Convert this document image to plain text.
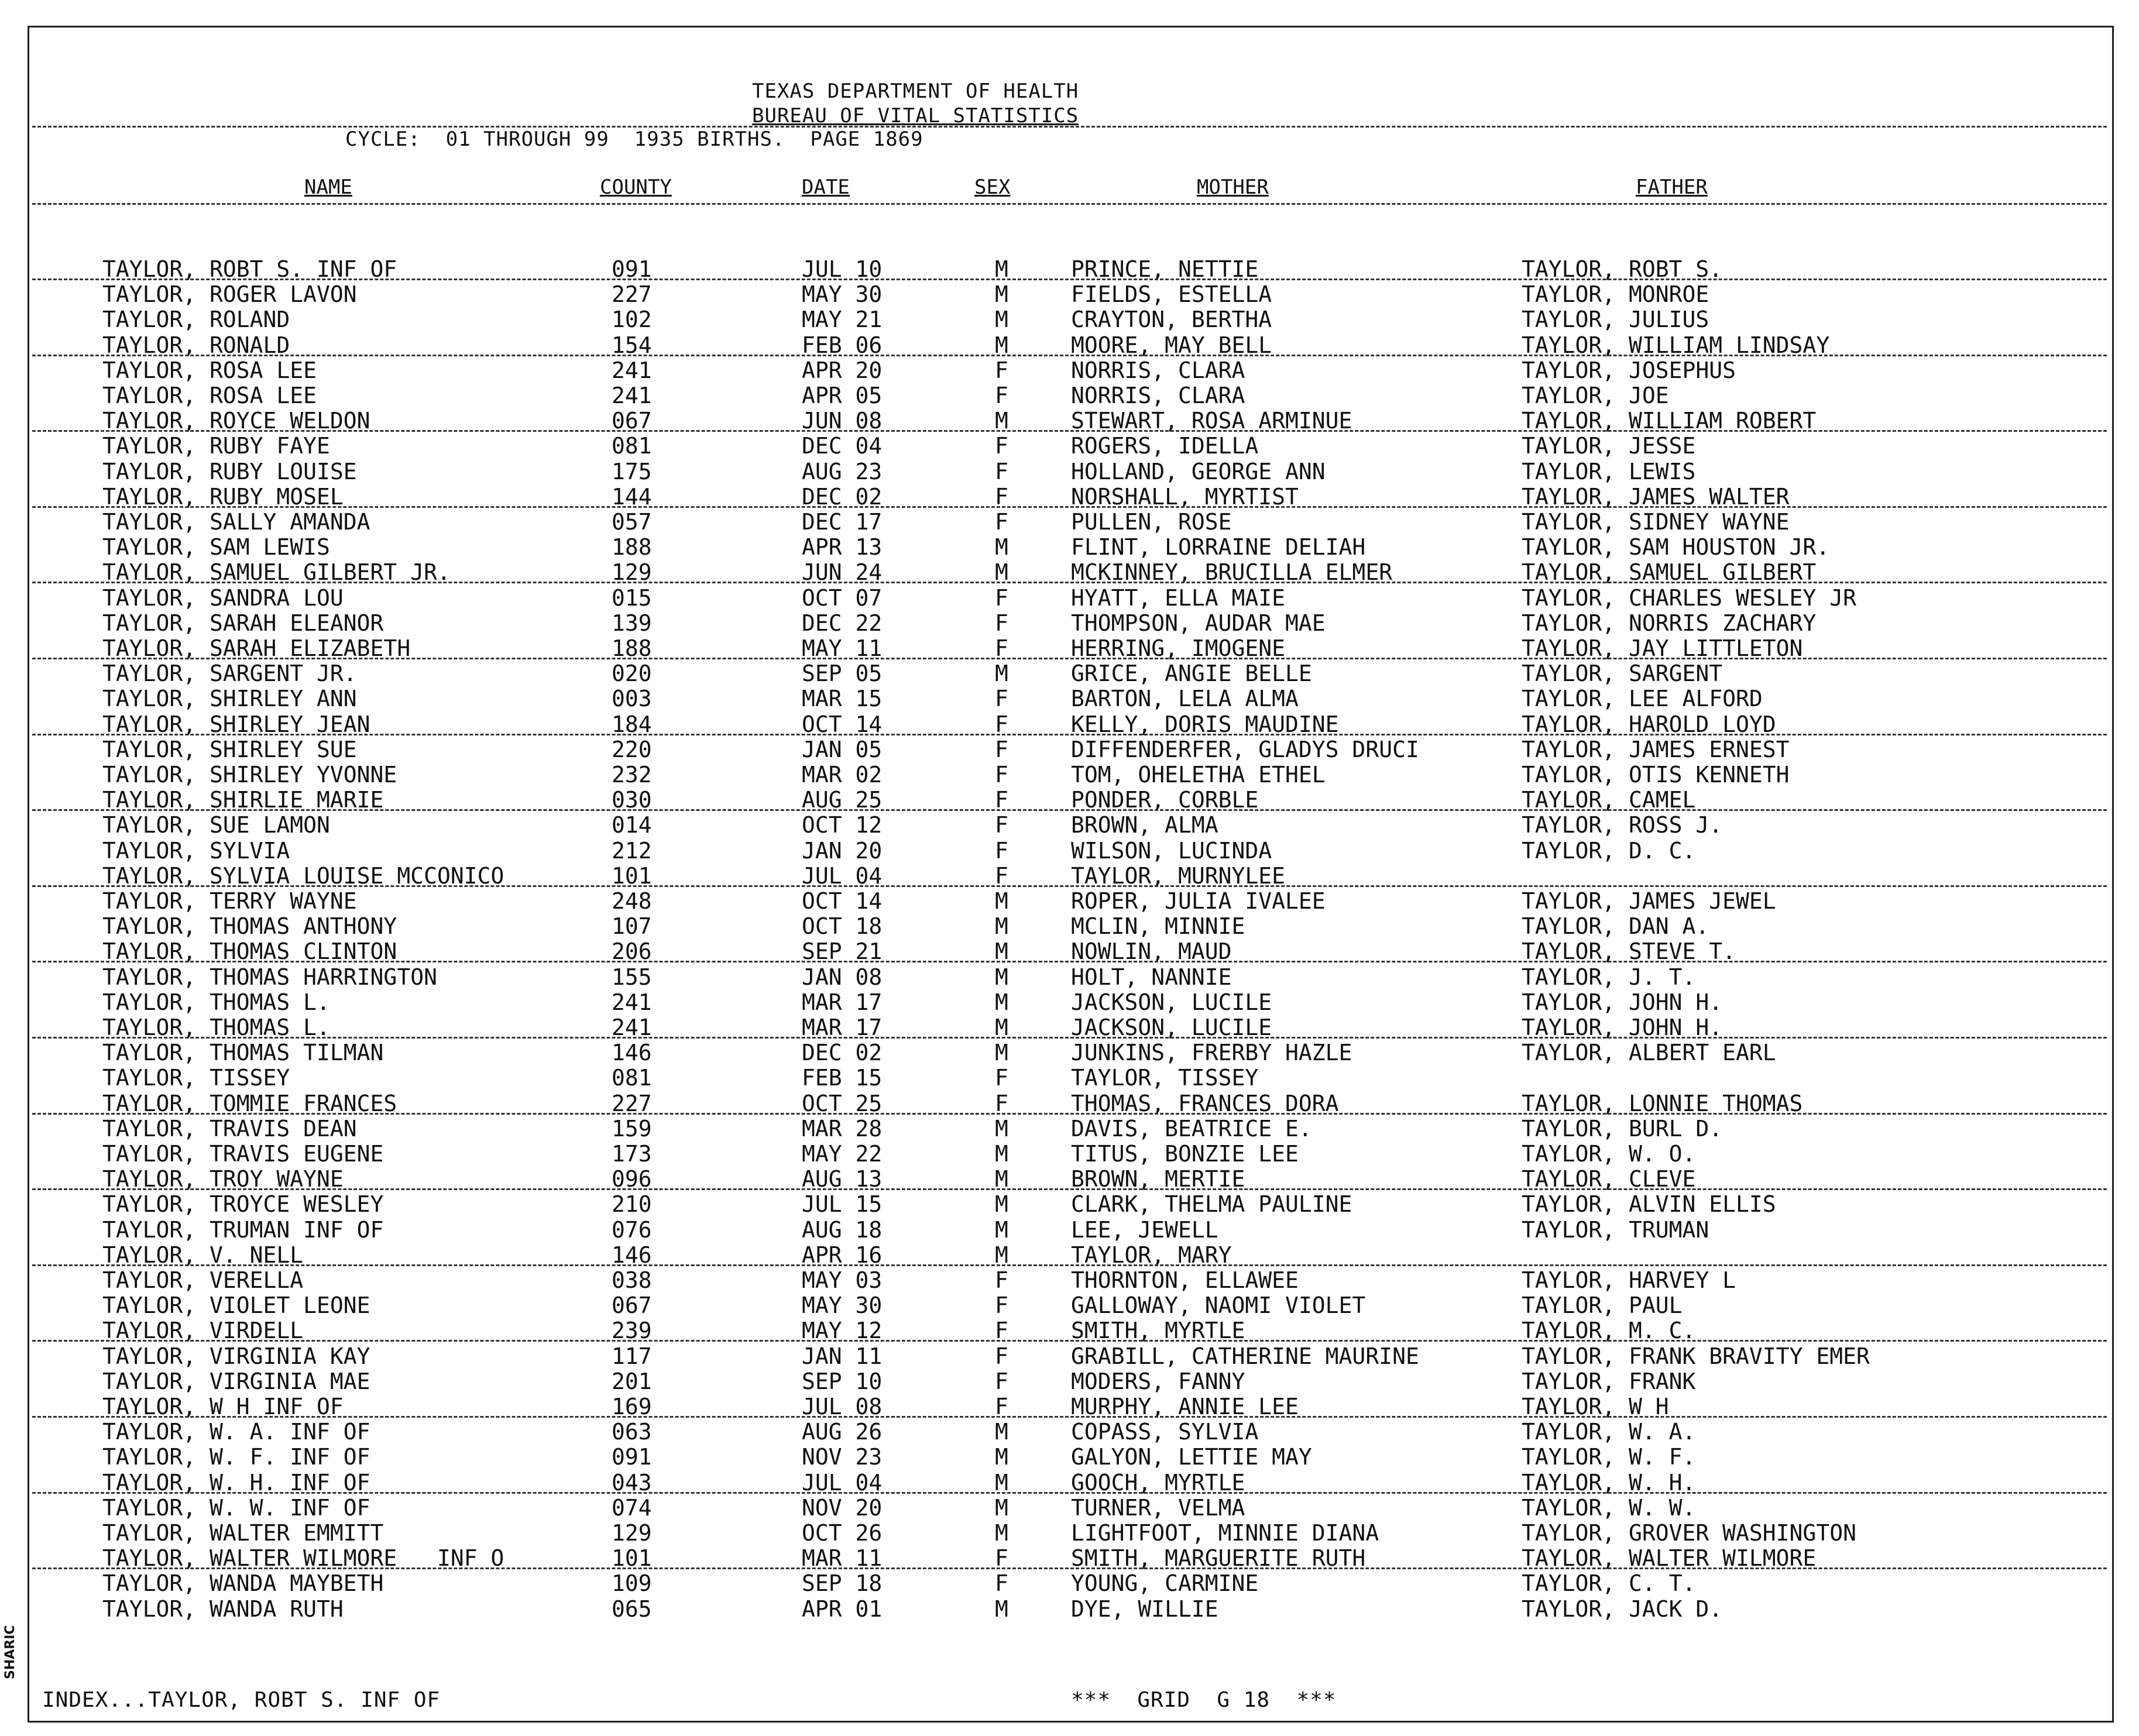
TEXAS DEPARTMENT OF HEALTH
BUREAU OF VITAL STATISTICS
CYCLE:  01 THROUGH 99  1935 BIRTHS.  PAGE 1869
NAME	COUNTY	DATE	SEX	MOTHER	FATHER
TAYLOR, ROBT S. INF OF	091	JUL 10	M	PRINCE, NETTIE	TAYLOR, ROBT S.
TAYLOR, ROGER LAVON	227	MAY 30	M	FIELDS, ESTELLA	TAYLOR, MONROE
TAYLOR, ROLAND	102	MAY 21	M	CRAYTON, BERTHA	TAYLOR, JULIUS
TAYLOR, RONALD	154	FEB 06	M	MOORE, MAY BELL	TAYLOR, WILLIAM LINDSAY
TAYLOR, ROSA LEE	241	APR 20	F	NORRIS, CLARA	TAYLOR, JOSEPHUS
TAYLOR, ROSA LEE	241	APR 05	F	NORRIS, CLARA	TAYLOR, JOE
TAYLOR, ROYCE WELDON	067	JUN 08	M	STEWART, ROSA ARMINUE	TAYLOR, WILLIAM ROBERT
TAYLOR, RUBY FAYE	081	DEC 04	F	ROGERS, IDELLA	TAYLOR, JESSE
TAYLOR, RUBY LOUISE	175	AUG 23	F	HOLLAND, GEORGE ANN	TAYLOR, LEWIS
TAYLOR, RUBY MOSEL	144	DEC 02	F	NORSHALL, MYRTIST	TAYLOR, JAMES WALTER
TAYLOR, SALLY AMANDA	057	DEC 17	F	PULLEN, ROSE	TAYLOR, SIDNEY WAYNE
TAYLOR, SAM LEWIS	188	APR 13	M	FLINT, LORRAINE DELIAH	TAYLOR, SAM HOUSTON JR.
TAYLOR, SAMUEL GILBERT JR.	129	JUN 24	M	MCKINNEY, BRUCILLA ELMER	TAYLOR, SAMUEL GILBERT
TAYLOR, SANDRA LOU	015	OCT 07	F	HYATT, ELLA MAIE	TAYLOR, CHARLES WESLEY JR
TAYLOR, SARAH ELEANOR	139	DEC 22	F	THOMPSON, AUDAR MAE	TAYLOR, NORRIS ZACHARY
TAYLOR, SARAH ELIZABETH	188	MAY 11	F	HERRING, IMOGENE	TAYLOR, JAY LITTLETON
TAYLOR, SARGENT JR.	020	SEP 05	M	GRICE, ANGIE BELLE	TAYLOR, SARGENT
TAYLOR, SHIRLEY ANN	003	MAR 15	F	BARTON, LELA ALMA	TAYLOR, LEE ALFORD
TAYLOR, SHIRLEY JEAN	184	OCT 14	F	KELLY, DORIS MAUDINE	TAYLOR, HAROLD LOYD
TAYLOR, SHIRLEY SUE	220	JAN 05	F	DIFFENDERFER, GLADYS DRUCI	TAYLOR, JAMES ERNEST
TAYLOR, SHIRLEY YVONNE	232	MAR 02	F	TOM, OHELETHA ETHEL	TAYLOR, OTIS KENNETH
TAYLOR, SHIRLIE MARIE	030	AUG 25	F	PONDER, CORBLE	TAYLOR, CAMEL
TAYLOR, SUE LAMON	014	OCT 12	F	BROWN, ALMA	TAYLOR, ROSS J.
TAYLOR, SYLVIA	212	JAN 20	F	WILSON, LUCINDA	TAYLOR, D. C.
TAYLOR, SYLVIA LOUISE MCCONICO	101	JUL 04	F	TAYLOR, MURNYLEE
TAYLOR, TERRY WAYNE	248	OCT 14	M	ROPER, JULIA IVALEE	TAYLOR, JAMES JEWEL
TAYLOR, THOMAS ANTHONY	107	OCT 18	M	MCLIN, MINNIE	TAYLOR, DAN A.
TAYLOR, THOMAS CLINTON	206	SEP 21	M	NOWLIN, MAUD	TAYLOR, STEVE T.
TAYLOR, THOMAS HARRINGTON	155	JAN 08	M	HOLT, NANNIE	TAYLOR, J. T.
TAYLOR, THOMAS L.	241	MAR 17	M	JACKSON, LUCILE	TAYLOR, JOHN H.
TAYLOR, THOMAS L.	241	MAR 17	M	JACKSON, LUCILE	TAYLOR, JOHN H.
TAYLOR, THOMAS TILMAN	146	DEC 02	M	JUNKINS, FRERBY HAZLE	TAYLOR, ALBERT EARL
TAYLOR, TISSEY	081	FEB 15	F	TAYLOR, TISSEY
TAYLOR, TOMMIE FRANCES	227	OCT 25	F	THOMAS, FRANCES DORA	TAYLOR, LONNIE THOMAS
TAYLOR, TRAVIS DEAN	159	MAR 28	M	DAVIS, BEATRICE E.	TAYLOR, BURL D.
TAYLOR, TRAVIS EUGENE	173	MAY 22	M	TITUS, BONZIE LEE	TAYLOR, W. O.
TAYLOR, TROY WAYNE	096	AUG 13	M	BROWN, MERTIE	TAYLOR, CLEVE
TAYLOR, TROYCE WESLEY	210	JUL 15	M	CLARK, THELMA PAULINE	TAYLOR, ALVIN ELLIS
TAYLOR, TRUMAN INF OF	076	AUG 18	M	LEE, JEWELL	TAYLOR, TRUMAN
TAYLOR, V. NELL	146	APR 16	M	TAYLOR, MARY
TAYLOR, VERELLA	038	MAY 03	F	THORNTON, ELLAWEE	TAYLOR, HARVEY L
TAYLOR, VIOLET LEONE	067	MAY 30	F	GALLOWAY, NAOMI VIOLET	TAYLOR, PAUL
TAYLOR, VIRDELL	239	MAY 12	F	SMITH, MYRTLE	TAYLOR, M. C.
TAYLOR, VIRGINIA KAY	117	JAN 11	F	GRABILL, CATHERINE MAURINE	TAYLOR, FRANK BRAVITY EMER
TAYLOR, VIRGINIA MAE	201	SEP 10	F	MODERS, FANNY	TAYLOR, FRANK
TAYLOR, W H INF OF	169	JUL 08	F	MURPHY, ANNIE LEE	TAYLOR, W H
TAYLOR, W. A. INF OF	063	AUG 26	M	COPASS, SYLVIA	TAYLOR, W. A.
TAYLOR, W. F. INF OF	091	NOV 23	M	GALYON, LETTIE MAY	TAYLOR, W. F.
TAYLOR, W. H. INF OF	043	JUL 04	M	GOOCH, MYRTLE	TAYLOR, W. H.
TAYLOR, W. W. INF OF	074	NOV 20	M	TURNER, VELMA	TAYLOR, W. W.
TAYLOR, WALTER EMMITT	129	OCT 26	M	LIGHTFOOT, MINNIE DIANA	TAYLOR, GROVER WASHINGTON
TAYLOR, WALTER WILMORE   INF O	101	MAR 11	F	SMITH, MARGUERITE RUTH	TAYLOR, WALTER WILMORE
TAYLOR, WANDA MAYBETH	109	SEP 18	F	YOUNG, CARMINE	TAYLOR, C. T.
TAYLOR, WANDA RUTH	065	APR 01	M	DYE, WILLIE	TAYLOR, JACK D.
INDEX...TAYLOR, ROBT S. INF OF	***  GRID  G 18  ***
SHARIC
